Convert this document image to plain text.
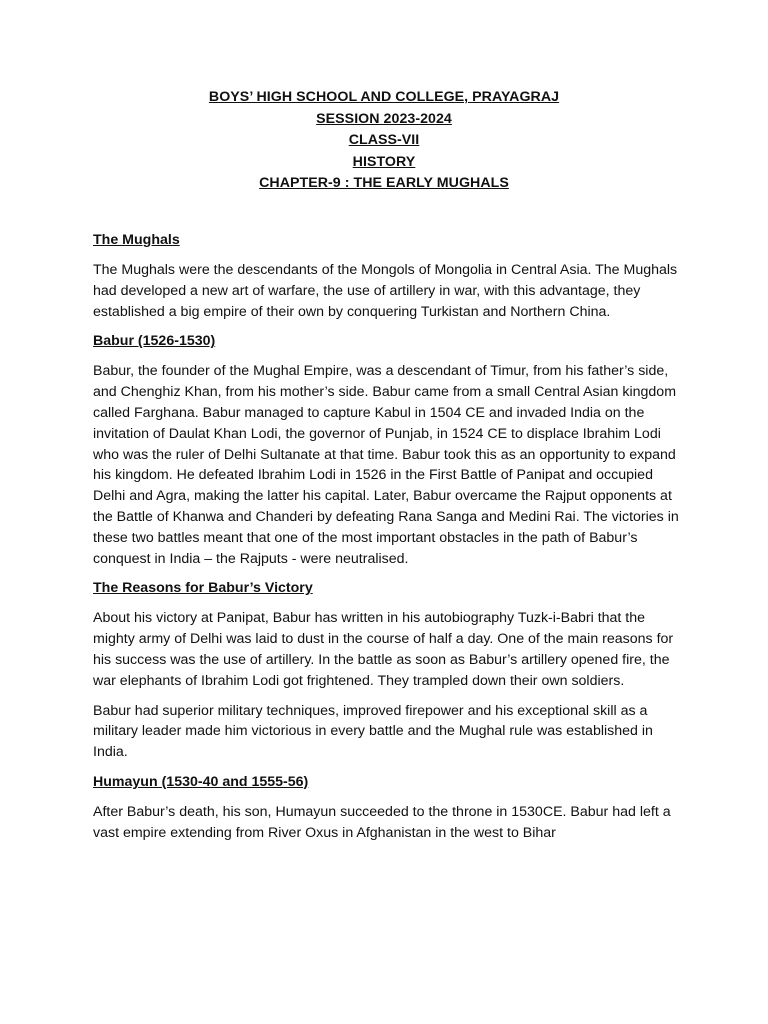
BOYS’ HIGH SCHOOL AND COLLEGE, PRAYAGRAJ
SESSION 2023-2024
CLASS-VII
HISTORY
CHAPTER-9 : THE EARLY MUGHALS
The Mughals

The Mughals were the descendants of the Mongols of Mongolia in Central Asia. The Mughals had developed a new art of warfare, the use of artillery in war, with this advantage, they established a big empire of their own by conquering Turkistan and Northern China.

Babur (1526-1530)

Babur, the founder of the Mughal Empire, was a descendant of Timur, from his father’s side, and Chenghiz Khan, from his mother’s side. Babur came from a small Central Asian kingdom called Farghana. Babur managed to capture Kabul in 1504 CE and invaded India on the invitation of Daulat Khan Lodi, the governor of Punjab, in 1524 CE to displace Ibrahim Lodi who was the ruler of Delhi Sultanate at that time. Babur took this as an opportunity to expand his kingdom. He defeated Ibrahim Lodi in 1526 in the First Battle of Panipat and occupied Delhi and Agra, making the latter his capital. Later, Babur overcame the Rajput opponents at the Battle of Khanwa and Chanderi by defeating Rana Sanga and Medini Rai. The victories in these two battles meant that one of the most important obstacles in the path of Babur’s conquest in India – the Rajputs - were neutralised.

The Reasons for Babur’s Victory

About his victory at Panipat, Babur has written in his autobiography Tuzk-i-Babri that the mighty army of Delhi was laid to dust in the course of half a day. One of the main reasons for his success was the use of artillery. In the battle as soon as Babur’s artillery opened fire, the war elephants of Ibrahim Lodi got frightened. They trampled down their own soldiers.

Babur had superior military techniques, improved firepower and his exceptional skill as a military leader made him victorious in every battle and the Mughal rule was established in India.

Humayun (1530-40 and 1555-56)

After Babur’s death, his son, Humayun succeeded to the throne in 1530CE. Babur had left a vast empire extending from River Oxus in Afghanistan in the west to Bihar
